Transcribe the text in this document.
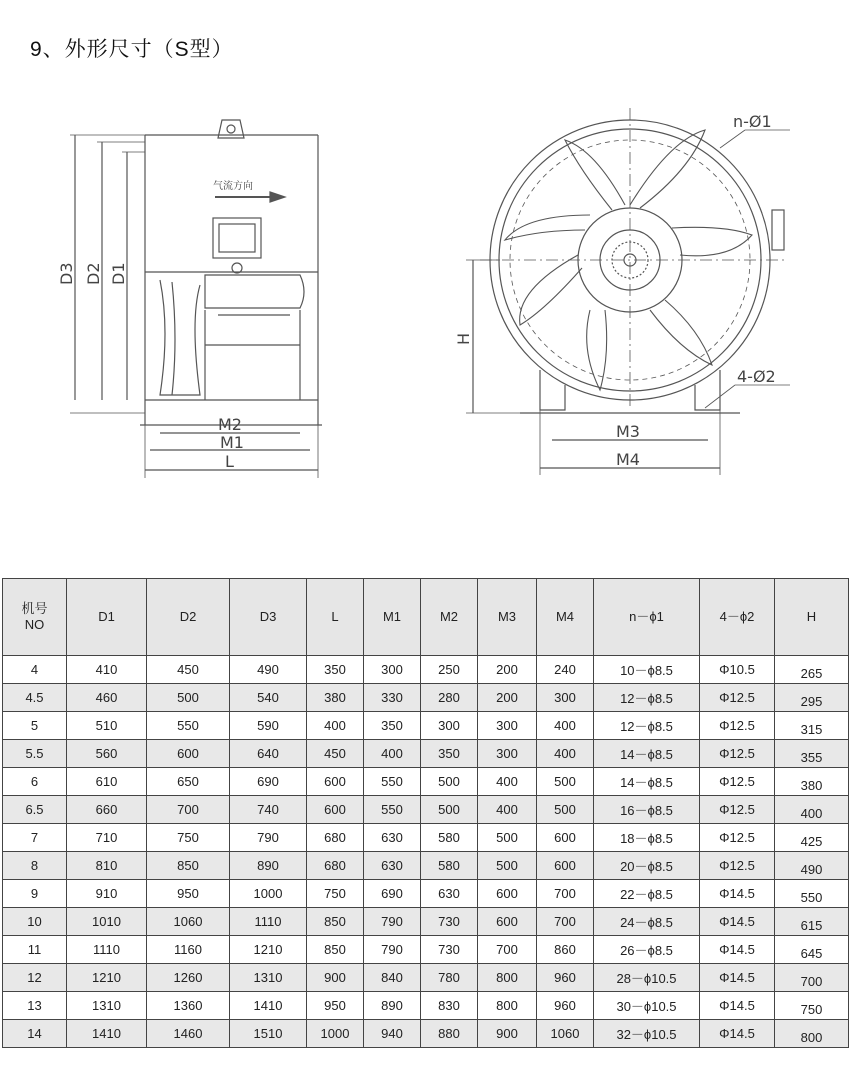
9、外形尺寸（S型）
D3 D2 D1
M2
M1
L
气流方向
n-Ø1
H
4-Ø2
M3
M4
机号
NO	D1	D2	D3	L	M1	M2	M3	M4	n－ϕ1	4－ϕ2	H
4	410	450	490	350	300	250	200	240	10－ϕ8.5	Φ10.5	265
4.5	460	500	540	380	330	280	200	300	12－ϕ8.5	Φ12.5	295
5	510	550	590	400	350	300	300	400	12－ϕ8.5	Φ12.5	315
5.5	560	600	640	450	400	350	300	400	14－ϕ8.5	Φ12.5	355
6	610	650	690	600	550	500	400	500	14－ϕ8.5	Φ12.5	380
6.5	660	700	740	600	550	500	400	500	16－ϕ8.5	Φ12.5	400
7	710	750	790	680	630	580	500	600	18－ϕ8.5	Φ12.5	425
8	810	850	890	680	630	580	500	600	20－ϕ8.5	Φ12.5	490
9	910	950	1000	750	690	630	600	700	22－ϕ8.5	Φ14.5	550
10	1010	1060	1110	850	790	730	600	700	24－ϕ8.5	Φ14.5	615
11	1110	1160	1210	850	790	730	700	860	26－ϕ8.5	Φ14.5	645
12	1210	1260	1310	900	840	780	800	960	28－ϕ10.5	Φ14.5	700
13	1310	1360	1410	950	890	830	800	960	30－ϕ10.5	Φ14.5	750
14	1410	1460	1510	1000	940	880	900	1060	32－ϕ10.5	Φ14.5	800
